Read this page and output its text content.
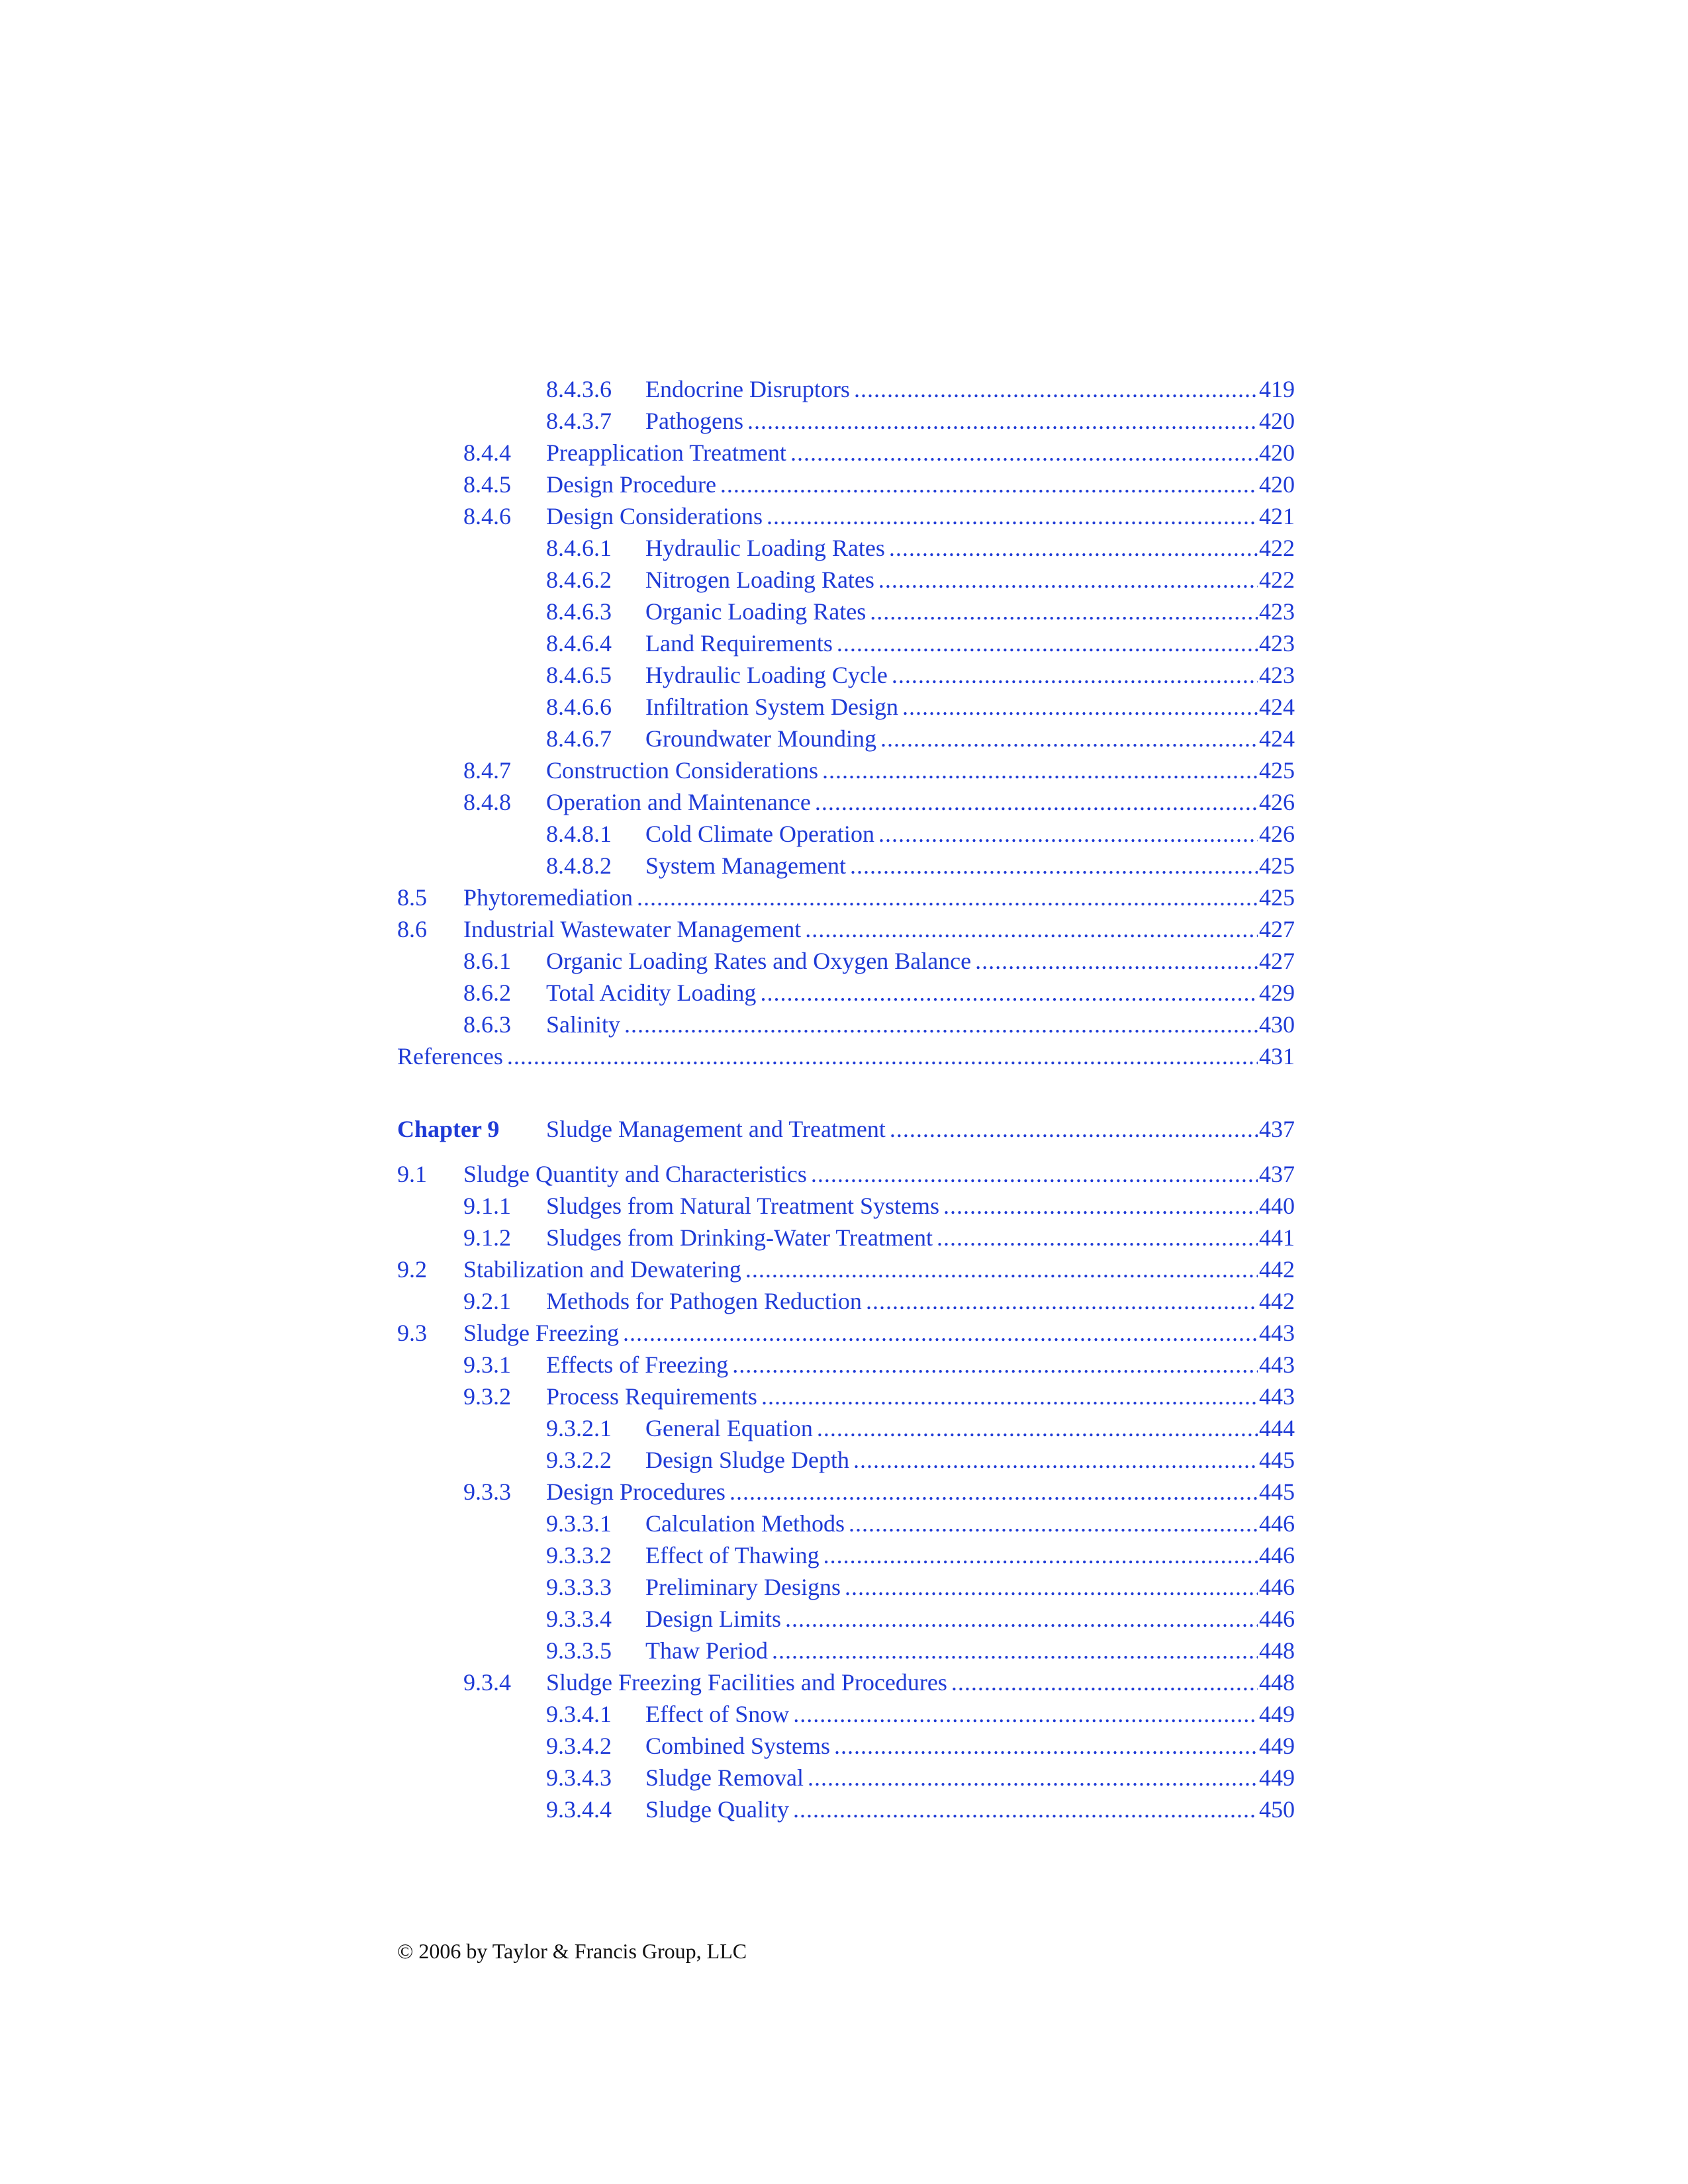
8.4.3.6 Endocrine Disruptors .....	419
8.4.3.7 Pathogens .....	420
8.4.4 Preapplication Treatment .....	420
8.4.5 Design Procedure .....	420
8.4.6 Design Considerations .....	421
8.4.6.1 Hydraulic Loading Rates .....	422
8.4.6.2 Nitrogen Loading Rates .....	422
8.4.6.3 Organic Loading Rates .....	423
8.4.6.4 Land Requirements .....	423
8.4.6.5 Hydraulic Loading Cycle .....	423
8.4.6.6 Infiltration System Design .....	424
8.4.6.7 Groundwater Mounding .....	424
8.4.7 Construction Considerations .....	425
8.4.8 Operation and Maintenance .....	426
8.4.8.1 Cold Climate Operation .....	426
8.4.8.2 System Management .....	425
8.5 Phytoremediation .....	425
8.6 Industrial Wastewater Management .....	427
8.6.1 Organic Loading Rates and Oxygen Balance .....	427
8.6.2 Total Acidity Loading .....	429
8.6.3 Salinity .....	430
References .....	431
Chapter 9 Sludge Management and Treatment .....	437
9.1 Sludge Quantity and Characteristics .....	437
9.1.1 Sludges from Natural Treatment Systems .....	440
9.1.2 Sludges from Drinking-Water Treatment .....	441
9.2 Stabilization and Dewatering .....	442
9.2.1 Methods for Pathogen Reduction .....	442
9.3 Sludge Freezing .....	443
9.3.1 Effects of Freezing .....	443
9.3.2 Process Requirements .....	443
9.3.2.1 General Equation .....	444
9.3.2.2 Design Sludge Depth .....	445
9.3.3 Design Procedures .....	445
9.3.3.1 Calculation Methods .....	446
9.3.3.2 Effect of Thawing .....	446
9.3.3.3 Preliminary Designs .....	446
9.3.3.4 Design Limits .....	446
9.3.3.5 Thaw Period .....	448
9.3.4 Sludge Freezing Facilities and Procedures .....	448
9.3.4.1 Effect of Snow .....	449
9.3.4.2 Combined Systems .....	449
9.3.4.3 Sludge Removal .....	449
9.3.4.4 Sludge Quality .....	450
© 2006 by Taylor & Francis Group, LLC
